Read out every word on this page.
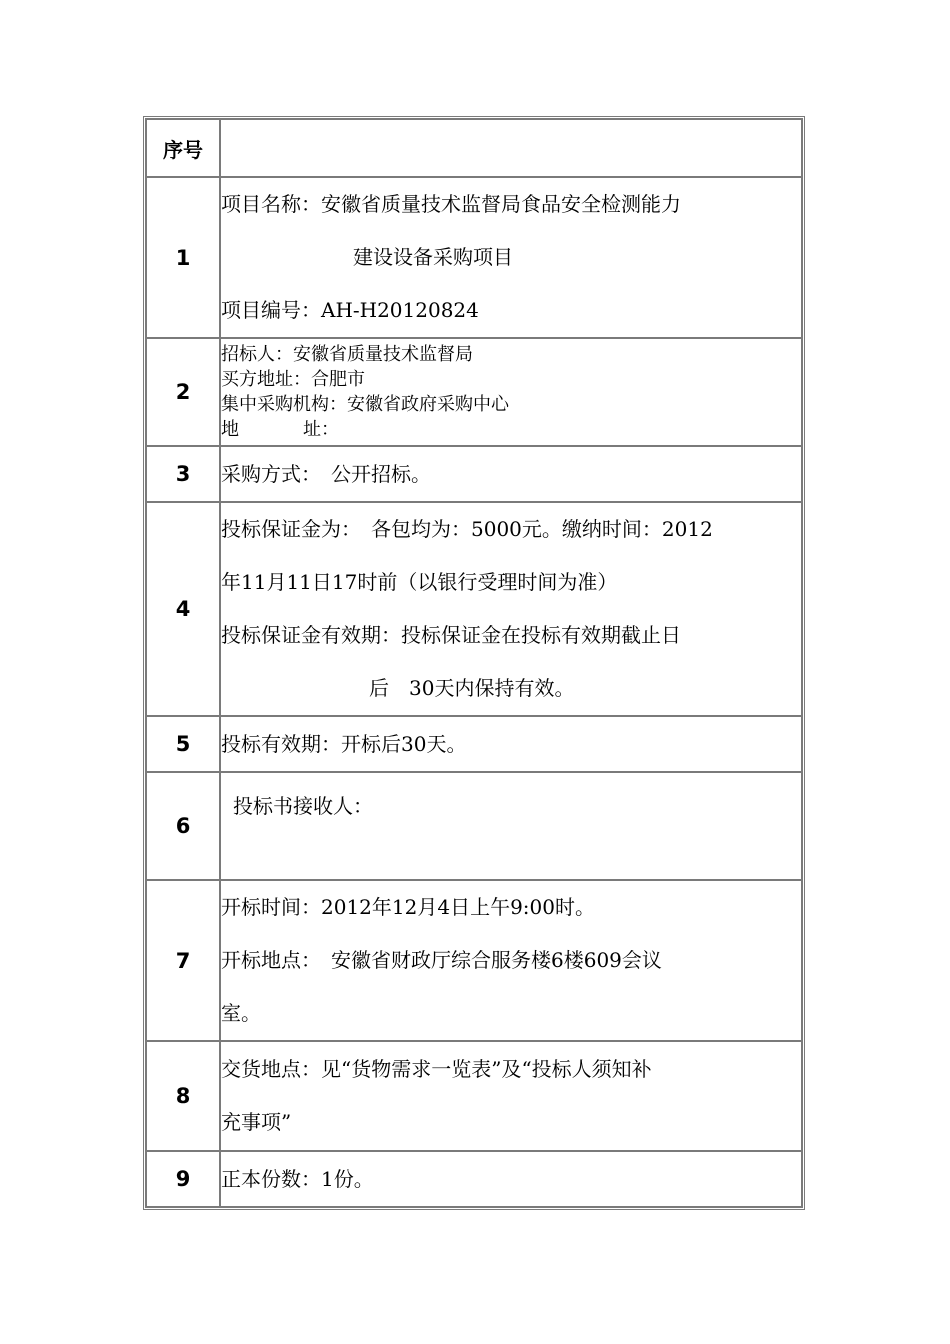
序号	
1	项目名称：安徽省质量技术监督局食品安全检测能力
建设设备采购项目
项目编号：AH-H20120824

2	招标人：安徽省质量技术监督局
买方地址：合肥市
集中采购机构：安徽省政府采购中心
地 址：

3	采购方式：　公开招标。

4	投标保证金为：　各包均为：5000元。缴纳时间：2012
年11月11日17时前（以银行受理时间为准）
投标保证金有效期：投标保证金在投标有效期截止日
后　30天内保持有效。

5	投标有效期：开标后30天。

6	投标书接收人：

7	开标时间：2012年12月4日上午9:00时。
开标地点：　安徽省财政厅综合服务楼6楼609会议
室。

8	交货地点：见“货物需求一览表”及“投标人须知补
充事项”

9	正本份数：1份。
